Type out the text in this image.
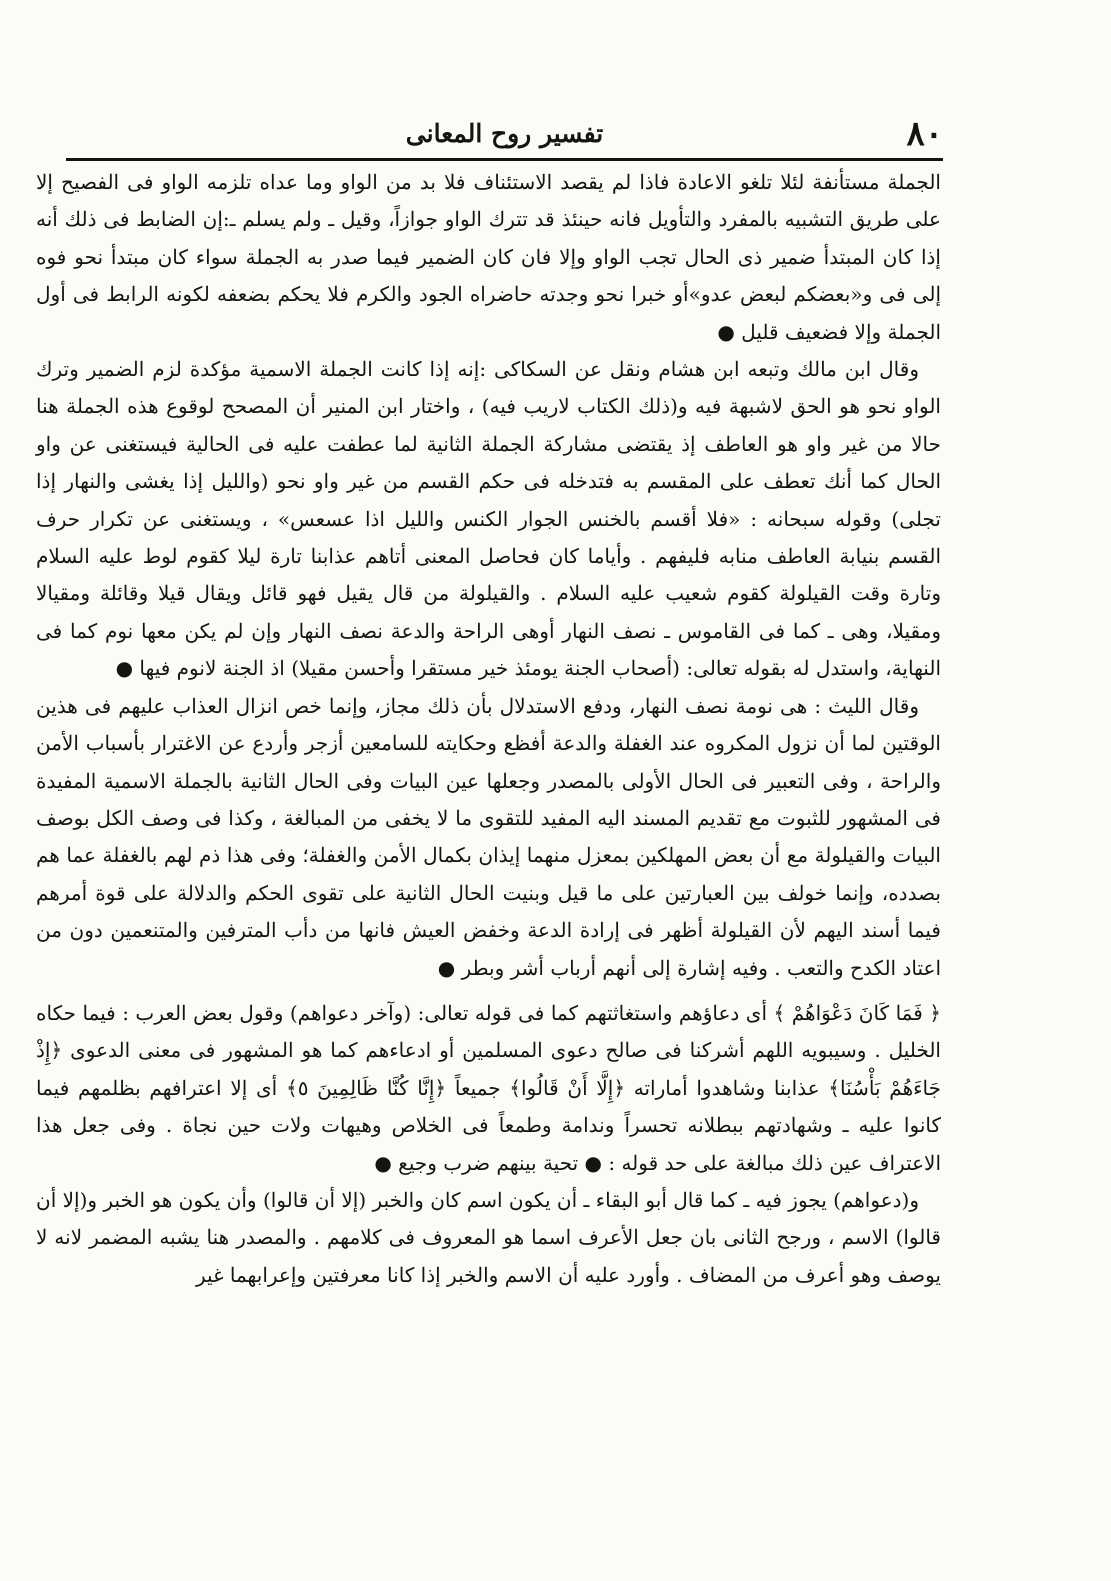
٨٠
تفسير روح المعانى

الجملة مستأنفة لئلا تلغو الاعادة فاذا لم يقصد الاستئناف فلا بد من الواو وما عداه تلزمه الواو فى الفصيح إلا على طريق التشبيه بالمفرد والتأويل فانه حينئذ قد تترك الواو جوازاً، وقيل ـ ولم يسلم ـ:إن الضابط فى ذلك أنه إذا كان المبتدأ ضمير ذى الحال تجب الواو وإلا فان كان الضمير فيما صدر به الجملة سواء كان مبتدأ نحو فوه إلى فى و«بعضكم لبعض عدو»أو خبرا نحو وجدته حاضراه الجود والكرم فلا يحكم بضعفه لكونه الرابط فى أول الجملة وإلا فضعيف قليل ●

وقال ابن مالك وتبعه ابن هشام ونقل عن السكاكى :إنه إذا كانت الجملة الاسمية مؤكدة لزم الضمير وترك الواو نحو هو الحق لاشبهة فيه و(ذلك الكتاب لاريب فيه) ، واختار ابن المنير أن المصحح لوقوع هذه الجملة هنا حالا من غير واو هو العاطف إذ يقتضى مشاركة الجملة الثانية لما عطفت عليه فى الحالية فيستغنى عن واو الحال كما أنك تعطف على المقسم به فتدخله فى حكم القسم من غير واو نحو (والليل إذا يغشى والنهار إذا تجلى) وقوله سبحانه : «فلا أقسم بالخنس الجوار الكنس والليل اذا عسعس» ، ويستغنى عن تكرار حرف القسم بنيابة العاطف منابه فليفهم . وأياما كان فحاصل المعنى أتاهم عذابنا تارة ليلا كقوم لوط عليه السلام وتارة وقت القيلولة كقوم شعيب عليه السلام . والقيلولة من قال يقيل فهو قائل ويقال قيلا وقائلة ومقيالا ومقيلا، وهى ـ كما فى القاموس ـ نصف النهار أوهى الراحة والدعة نصف النهار وإن لم يكن معها نوم كما فى النهاية، واستدل له بقوله تعالى: (أصحاب الجنة يومئذ خير مستقرا وأحسن مقيلا) اذ الجنة لانوم فيها ●

وقال الليث : هى نومة نصف النهار، ودفع الاستدلال بأن ذلك مجاز، وإنما خص انزال العذاب عليهم فى هذين الوقتين لما أن نزول المكروه عند الغفلة والدعة أفظع وحكايته للسامعين أزجر وأردع عن الاغترار بأسباب الأمن والراحة ، وفى التعبير فى الحال الأولى بالمصدر وجعلها عين البيات وفى الحال الثانية بالجملة الاسمية المفيدة فى المشهور للثبوت مع تقديم المسند اليه المفيد للتقوى ما لا يخفى من المبالغة ، وكذا فى وصف الكل بوصف البيات والقيلولة مع أن بعض المهلكين بمعزل منهما إيذان بكمال الأمن والغفلة؛ وفى هذا ذم لهم بالغفلة عما هم بصدده، وإنما خولف بين العبارتين على ما قيل وبنيت الحال الثانية على تقوى الحكم والدلالة على قوة أمرهم فيما أسند اليهم لأن القيلولة أظهر فى إرادة الدعة وخفض العيش فانها من دأب المترفين والمتنعمين دون من اعتاد الكدح والتعب . وفيه إشارة إلى أنهم أرباب أشر وبطر ●

﴿ فَمَا كَانَ دَعْوَاهُمْ ﴾ أى دعاؤهم واستغاثتهم كما فى قوله تعالى: (وآخر دعواهم) وقول بعض العرب : فيما حكاه الخليل . وسيبويه اللهم أشركنا فى صالح دعوى المسلمين أو ادعاءهم كما هو المشهور فى معنى الدعوى ﴿إِذْ جَاءَهُمْ بَأْسُنَا﴾ عذابنا وشاهدوا أماراته ﴿إِلَّا أَنْ قَالُوا﴾ جميعاً ﴿إِنَّا كُنَّا ظَالِمِينَ ٥﴾ أى إلا اعترافهم بظلمهم فيما كانوا عليه ـ وشهادتهم ببطلانه تحسراً وندامة وطمعاً فى الخلاص وهيهات ولات حين نجاة . وفى جعل هذا الاعتراف عين ذلك مبالغة على حد قوله : ● تحية بينهم ضرب وجيع ●

و(دعواهم) يجوز فيه ـ كما قال أبو البقاء ـ أن يكون اسم كان والخبر (إلا أن قالوا) وأن يكون هو الخبر و(إلا أن قالوا) الاسم ، ورجح الثانى بان جعل الأعرف اسما هو المعروف فى كلامهم . والمصدر هنا يشبه المضمر لانه لا يوصف وهو أعرف من المضاف . وأورد عليه أن الاسم والخبر إذا كانا معرفتين وإعرابهما غير
